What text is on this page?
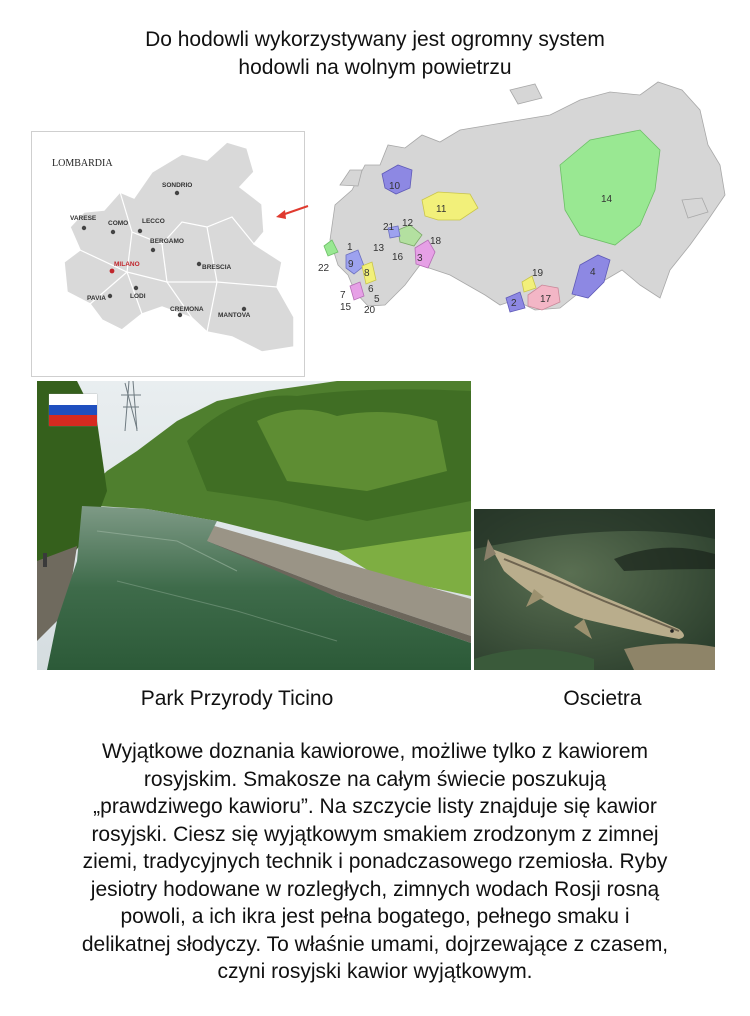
Do hodowli wykorzystywany jest ogromny system
hodowli na wolnym powietrzu
LOMBARDIA
SONDRIO
VARESE
COMO LECCO
BERGAMO
MILANO	BRESCIA
PAVIA	LODI
CREMONA
MANTOVA
1
2
3
4
5
6
7
8
9
10
11
12
13
14
15
16
17
18
19
20
21
22
Park Przyrody Ticino	Oscietra
Wyjątkowe doznania kawiorowe, możliwe tylko z kawiorem
rosyjskim. Smakosze na całym świecie poszukują
„prawdziwego kawioru”. Na szczycie listy znajduje się kawior
rosyjski. Ciesz się wyjątkowym smakiem zrodzonym z zimnej
ziemi, tradycyjnych technik i ponadczasowego rzemiosła. Ryby
jesiotry hodowane w rozległych, zimnych wodach Rosji rosną
powoli, a ich ikra jest pełna bogatego, pełnego smaku i
delikatnej słodyczy. To właśnie umami, dojrzewające z czasem,
czyni rosyjski kawior wyjątkowym.
